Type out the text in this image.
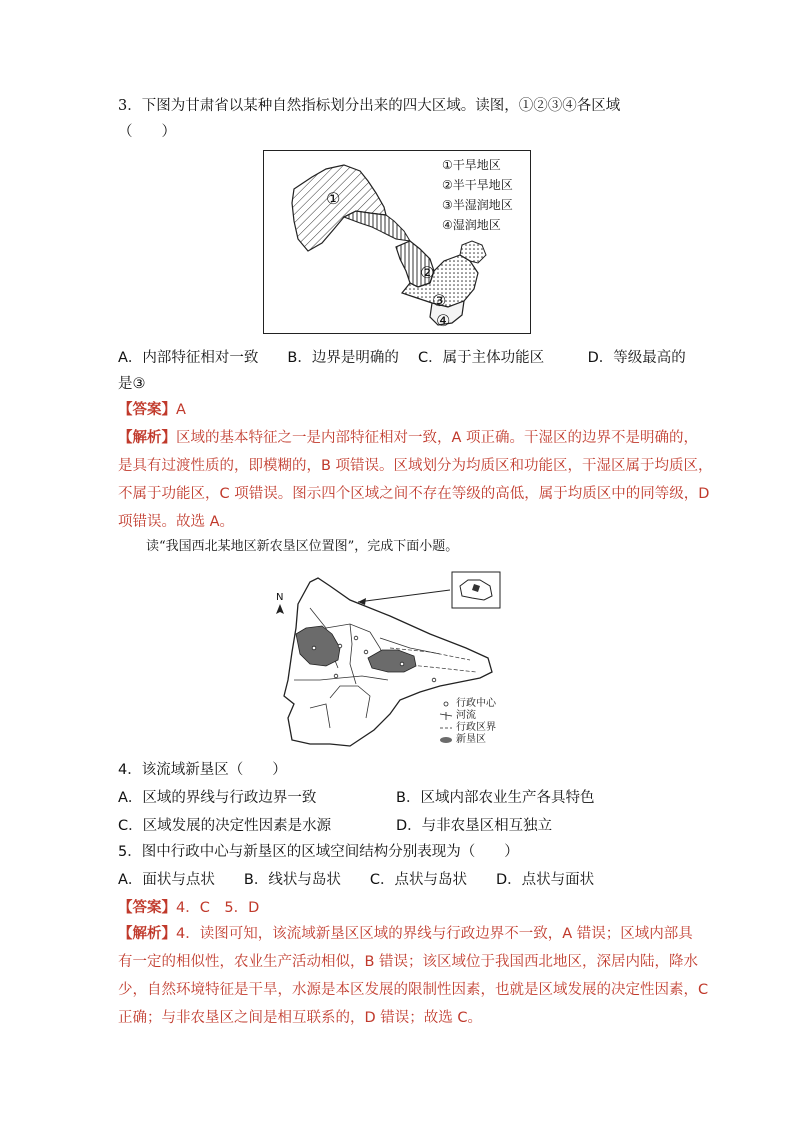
3．下图为甘肃省以某种自然指标划分出来的四大区域。读图，①②③④各区域
（　　）
①
②
③
④
①干旱地区
②半干旱地区
③半湿润地区
④湿润地区
A．内部特征相对一致　　B．边界是明确的　 C．属于主体功能区　　　D．等级最高的
是③
【答案】A
【解析】区域的基本特征之一是内部特征相对一致，A 项正确。干湿区的边界不是明确的，
是具有过渡性质的，即模糊的，B 项错误。区域划分为均质区和功能区，干湿区属于均质区，
不属于功能区，C 项错误。图示四个区域之间不存在等级的高低，属于均质区中的同等级，D
项错误。故选 A。
读“我国西北某地区新农垦区位置图”，完成下面小题。
N
行政中心
河流
行政区界
新垦区
4．该流域新垦区（　　）
A．区域的界线与行政边界一致	B．区域内部农业生产各具特色
C．区域发展的决定性因素是水源	D．与非农垦区相互独立
5．图中行政中心与新垦区的区域空间结构分别表现为（　　）
A．面状与点状　　B．线状与岛状　　C．点状与岛状　　D．点状与面状
【答案】4．C　5．D
【解析】4．读图可知，该流域新垦区区域的界线与行政边界不一致，A 错误；区域内部具
有一定的相似性，农业生产活动相似，B 错误；该区域位于我国西北地区，深居内陆，降水
少，自然环境特征是干旱，水源是本区发展的限制性因素，也就是区域发展的决定性因素，C
正确；与非农垦区之间是相互联系的，D 错误；故选 C。
